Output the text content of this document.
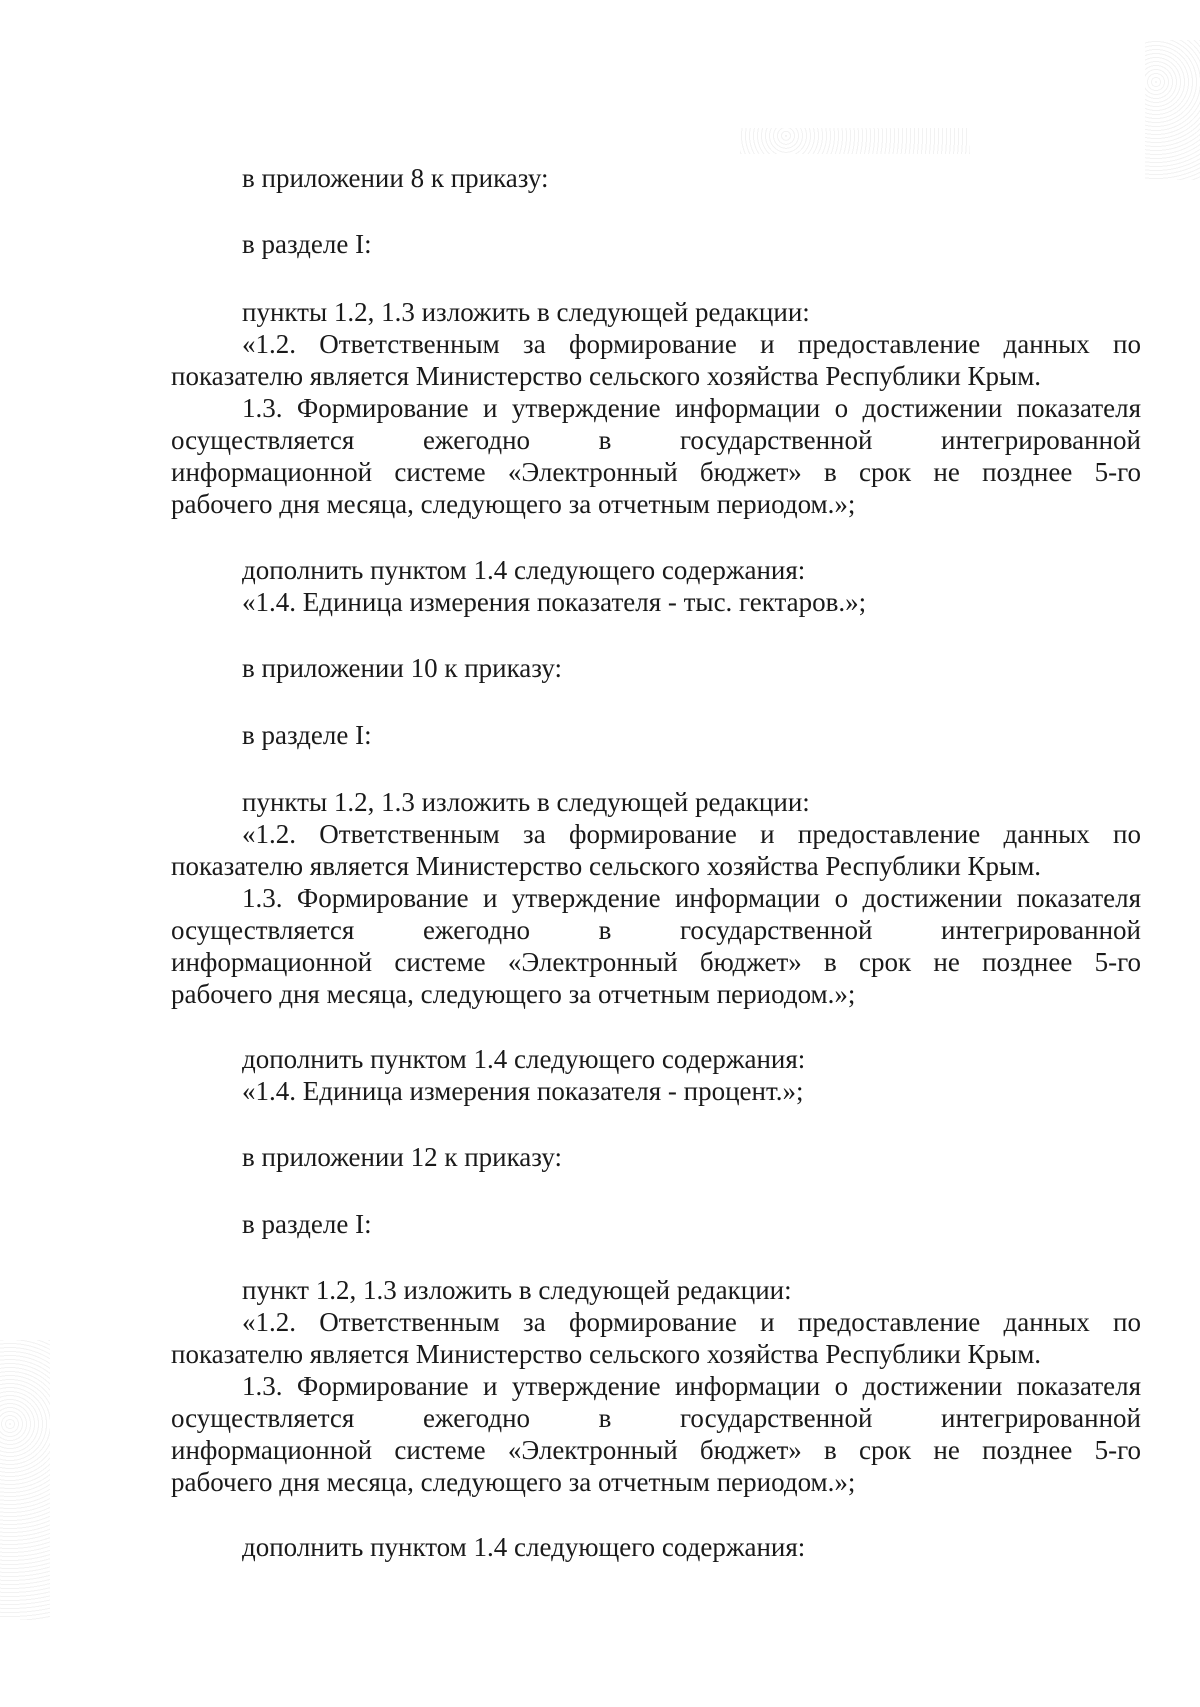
в приложении 8 к приказу:
в разделе I:
пункты 1.2, 1.3 изложить в следующей редакции:
«1.2. Ответственным за формирование и предоставление данных по
показателю является Министерство сельского хозяйства Республики Крым.
1.3. Формирование и утверждение информации о достижении показателя
осуществляется	ежегодно	в	государственной	интегрированной
информационной системе «Электронный бюджет» в срок не позднее 5-го
рабочего дня месяца, следующего за отчетным периодом.»;
дополнить пунктом 1.4 следующего содержания:
«1.4. Единица измерения показателя - тыс. гектаров.»;
в приложении 10 к приказу:
в разделе I:
пункты 1.2, 1.3 изложить в следующей редакции:
«1.2. Ответственным за формирование и предоставление данных по
показателю является Министерство сельского хозяйства Республики Крым.
1.3. Формирование и утверждение информации о достижении показателя
осуществляется	ежегодно	в	государственной	интегрированной
информационной системе «Электронный бюджет» в срок не позднее 5-го
рабочего дня месяца, следующего за отчетным периодом.»;
дополнить пунктом 1.4 следующего содержания:
«1.4. Единица измерения показателя - процент.»;
в приложении 12 к приказу:
в разделе I:
пункт 1.2, 1.3 изложить в следующей редакции:
«1.2. Ответственным за формирование и предоставление данных по
показателю является Министерство сельского хозяйства Республики Крым.
1.3. Формирование и утверждение информации о достижении показателя
осуществляется	ежегодно	в	государственной	интегрированной
информационной системе «Электронный бюджет» в срок не позднее 5-го
рабочего дня месяца, следующего за отчетным периодом.»;
дополнить пунктом 1.4 следующего содержания:
